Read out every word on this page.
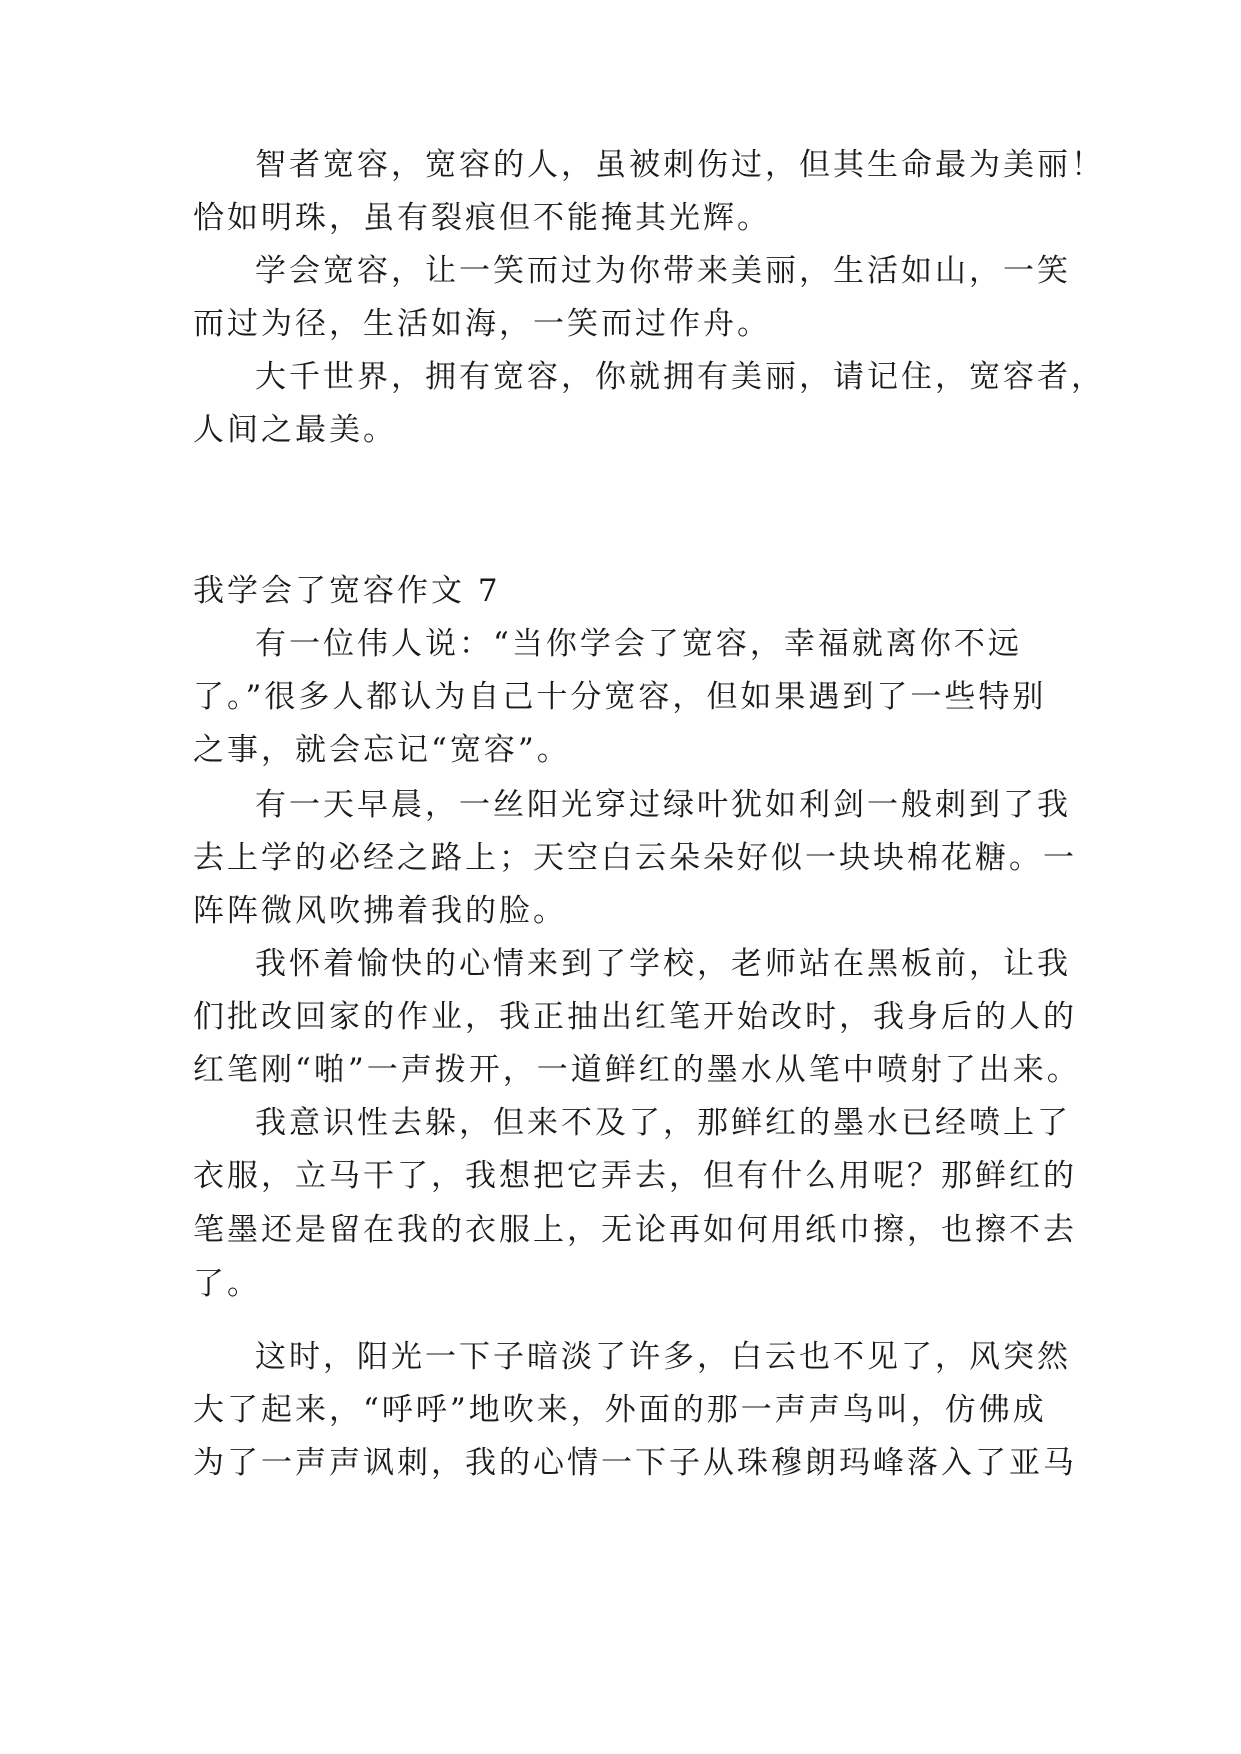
智者宽容，宽容的人，虽被刺伤过，但其生命最为美丽！
恰如明珠，虽有裂痕但不能掩其光辉。
学会宽容，让一笑而过为你带来美丽，生活如山，一笑
而过为径，生活如海，一笑而过作舟。
大千世界，拥有宽容，你就拥有美丽，请记住，宽容者，
人间之最美。
我学会了宽容作文 7
有一位伟人说：“当你学会了宽容，幸福就离你不远
了。”很多人都认为自己十分宽容，但如果遇到了一些特别
之事，就会忘记“宽容”。
有一天早晨，一丝阳光穿过绿叶犹如利剑一般刺到了我
去上学的必经之路上；天空白云朵朵好似一块块棉花糖。一
阵阵微风吹拂着我的脸。
我怀着愉快的心情来到了学校，老师站在黑板前，让我
们批改回家的作业，我正抽出红笔开始改时，我身后的人的
红笔刚“啪”一声拨开，一道鲜红的墨水从笔中喷射了出来。
我意识性去躲，但来不及了，那鲜红的墨水已经喷上了
衣服，立马干了，我想把它弄去，但有什么用呢？那鲜红的
笔墨还是留在我的衣服上，无论再如何用纸巾擦，也擦不去
了。
这时，阳光一下子暗淡了许多，白云也不见了，风突然
大了起来，“呼呼”地吹来，外面的那一声声鸟叫，仿佛成
为了一声声讽刺，我的心情一下子从珠穆朗玛峰落入了亚马
